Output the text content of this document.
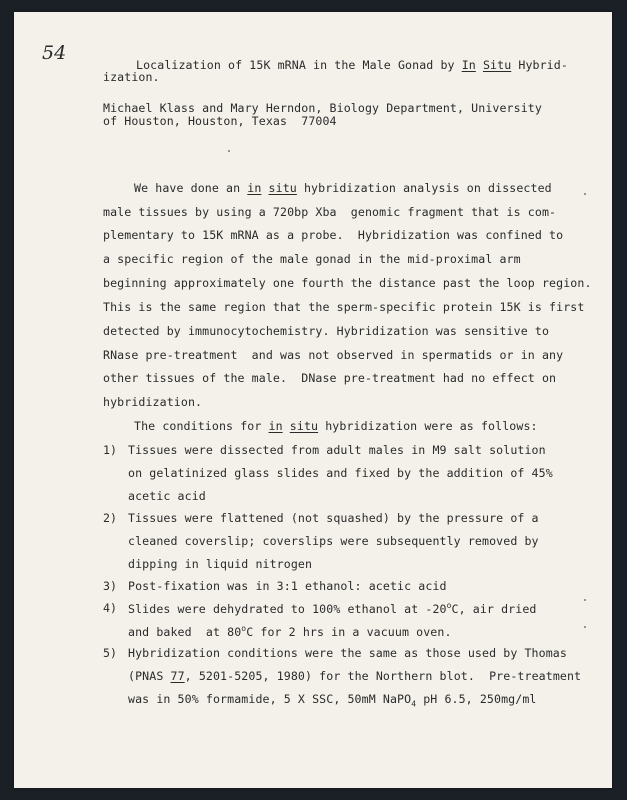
54
Localization of 15K mRNA in the Male Gonad by In Situ Hybrid-
ization.
Michael Klass and Mary Herndon, Biology Department, University
of Houston, Houston, Texas  77004
We have done an in situ hybridization analysis on dissected
male tissues by using a 720bp Xba  genomic fragment that is com-
plementary to 15K mRNA as a probe.  Hybridization was confined to
a specific region of the male gonad in the mid-proximal arm
beginning approximately one fourth the distance past the loop region.
This is the same region that the sperm-specific protein 15K is first
detected by immunocytochemistry. Hybridization was sensitive to
RNase pre-treatment  and was not observed in spermatids or in any
other tissues of the male.  DNase pre-treatment had no effect on
hybridization.
The conditions for in situ hybridization were as follows:
1) Tissues were dissected from adult males in M9 salt solution
on gelatinized glass slides and fixed by the addition of 45%
acetic acid
2) Tissues were flattened (not squashed) by the pressure of a
cleaned coverslip; coverslips were subsequently removed by
dipping in liquid nitrogen
3) Post-fixation was in 3:1 ethanol: acetic acid
4) Slides were dehydrated to 100% ethanol at -20$^o$C, air dried
and baked  at 80$^o$C for 2 hrs in a vacuum oven.
5) Hybridization conditions were the same as those used by Thomas
(PNAS 77, 5201-5205, 1980) for the Northern blot.  Pre-treatment
was in 50% formamide, 5 X SSC, 50mM NaPO$_4$ pH 6.5, 250mg/ml
